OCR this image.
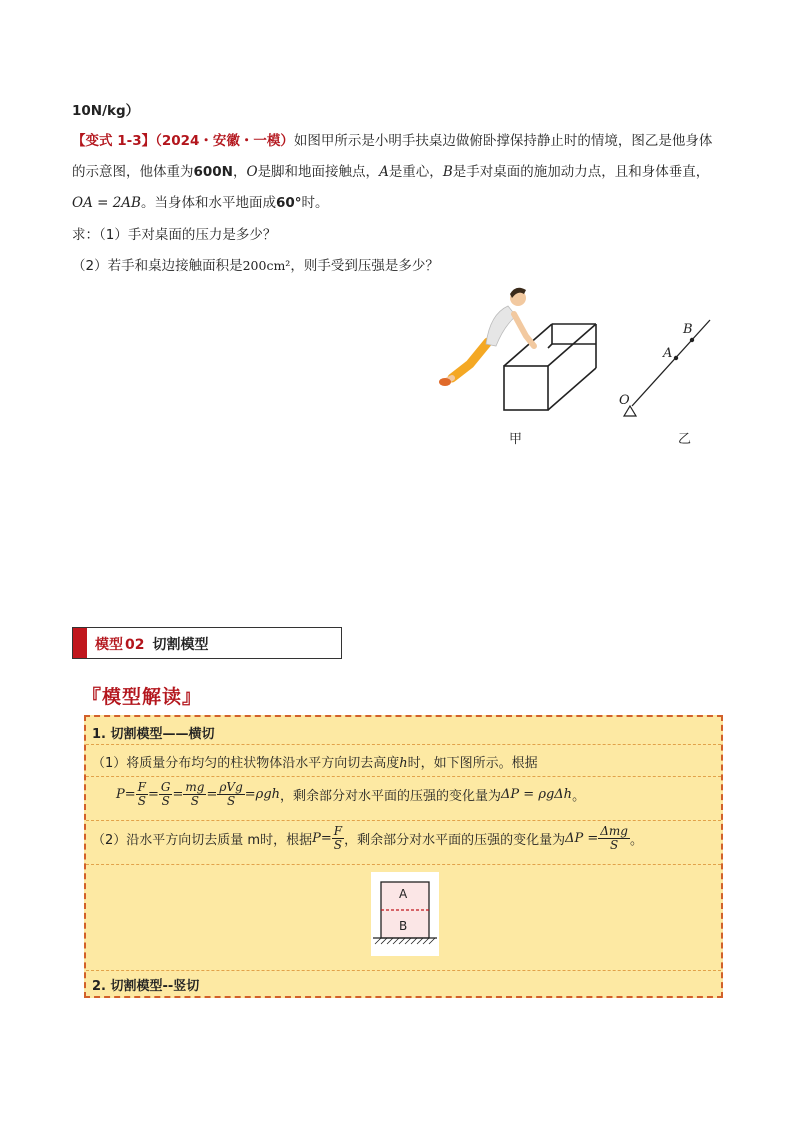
10N/kg）
【变式 1-3】（2024・安徽・一模）如图甲所示是小明手扶桌边做俯卧撑保持静止时的情境，图乙是他身体
的示意图，他体重为600N，O是脚和地面接触点，A是重心，B是手对桌面的施加动力点，且和身体垂直，
OA = 2AB。当身体和水平地面成60°时。
求：（1）手对桌面的压力是多少？
（2）若手和桌边接触面积是200cm²，则手受到压强是多少？
甲
B
A
O
乙
模型 02 切割模型
『模型解读』
1. 切割模型——横切
（1）将质量分布均匀的柱状物体沿水平方向切去高度h时，如下图所示。根据
$P= \frac{F}{S} = \frac{G}{S} = \frac{mg}{S} = \frac{\text{ρVg}}{S} =\rho gh$，剩余部分对水平面的压强的变化量为ΔP = ρgΔh。
（2）沿水平方向切去质量 m时，根据$P= \frac{F}{S}$ ，剩余部分对水平面的压强的变化量为$\Delta P = \frac{\text{Δmg}}{S}$ 。
A
B
2. 切割模型--竖切
